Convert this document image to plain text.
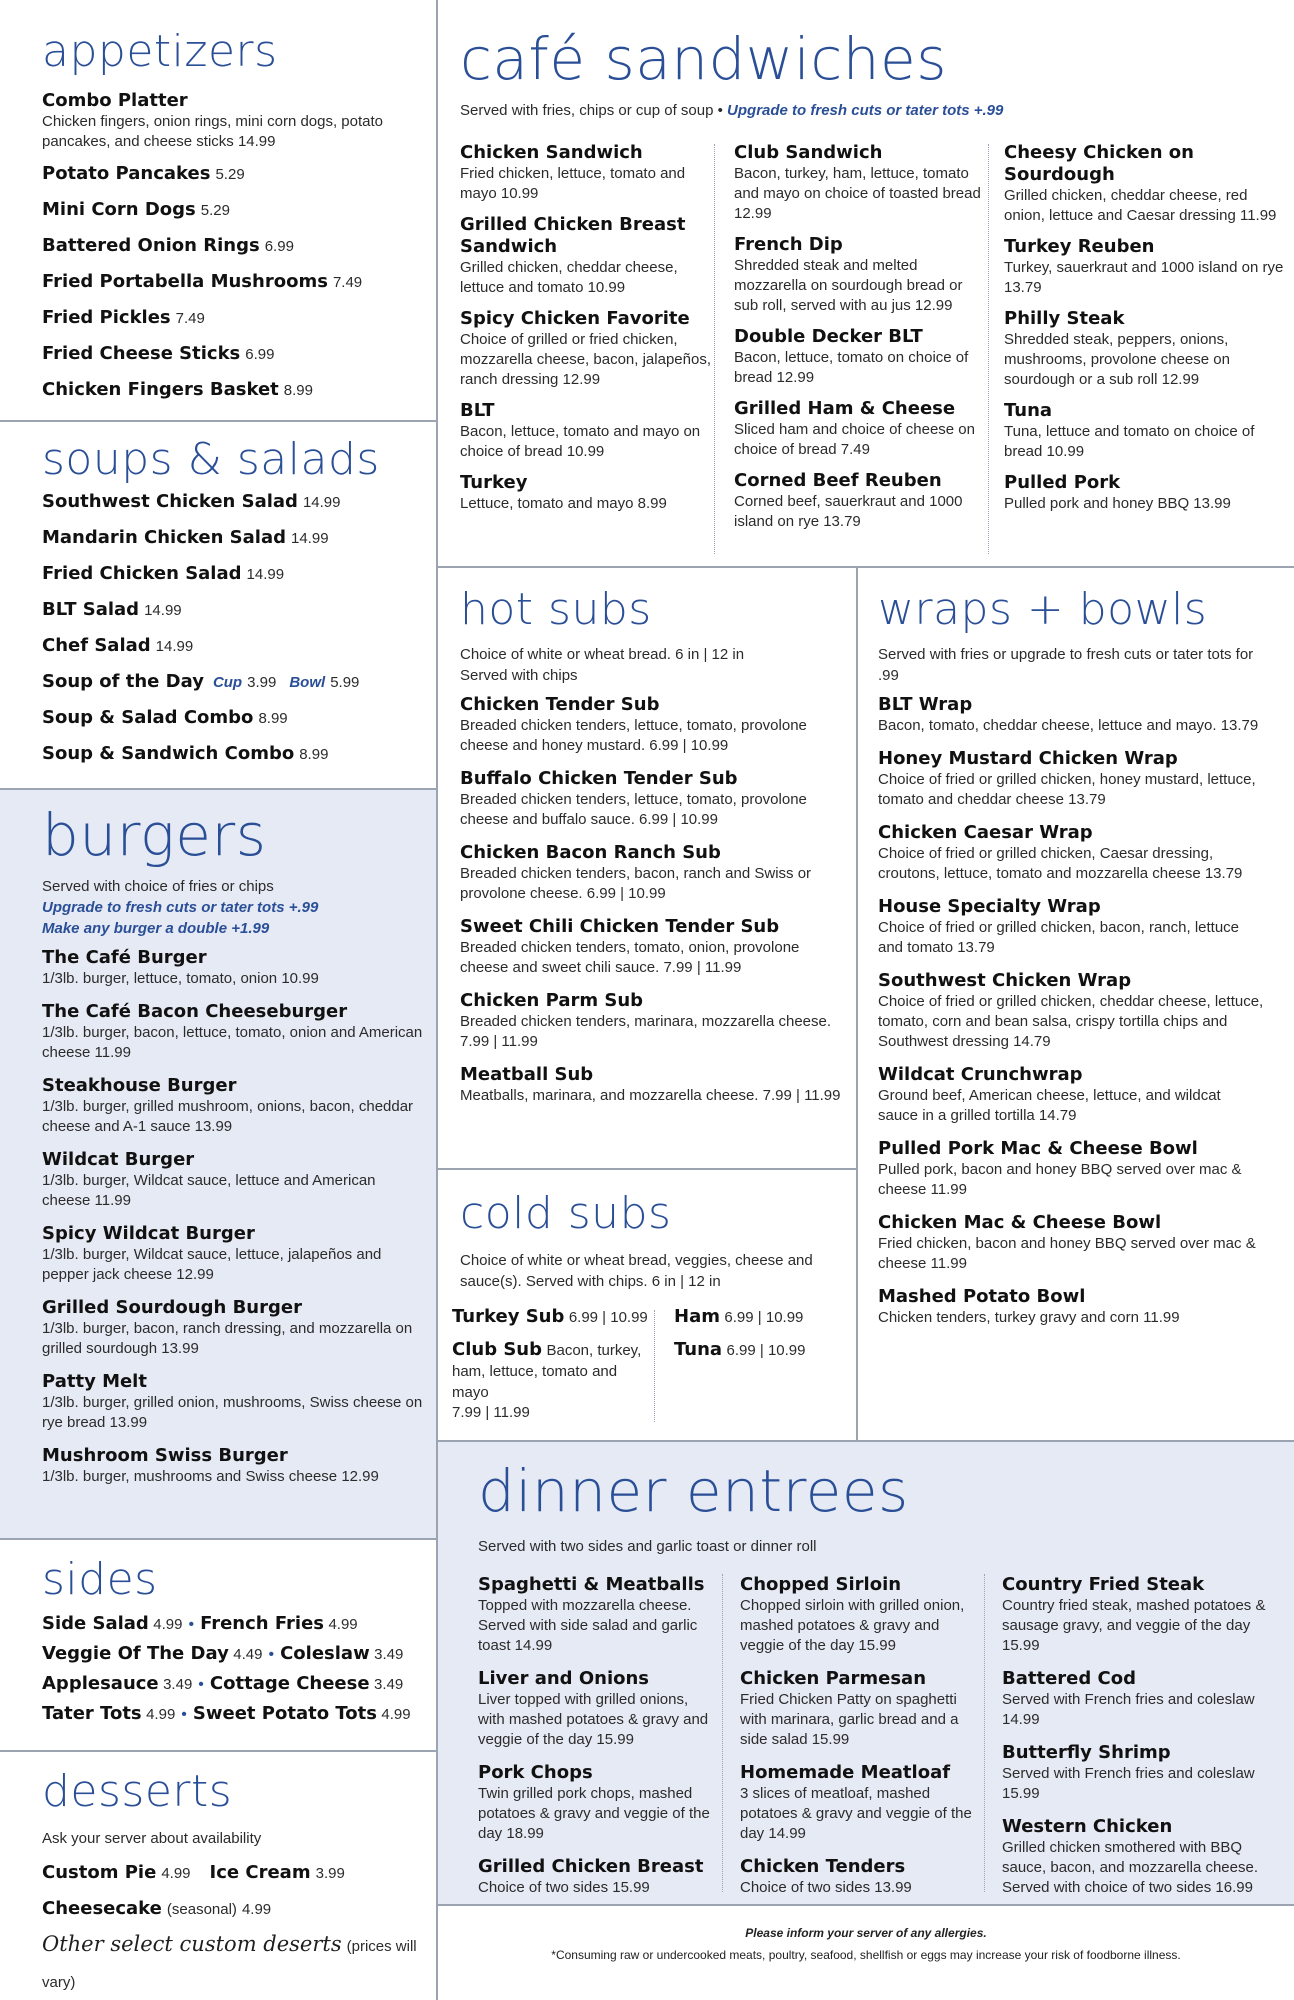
appetizers
Combo Platter
Chicken fingers, onion rings, mini corn dogs, potato pancakes, and cheese sticks 14.99
Potato Pancakes 5.29
Mini Corn Dogs 5.29
Battered Onion Rings 6.99
Fried Portabella Mushrooms 7.49
Fried Pickles 7.49
Fried Cheese Sticks 6.99
Chicken Fingers Basket 8.99
soups & salads
Southwest Chicken Salad 14.99
Mandarin Chicken Salad 14.99
Fried Chicken Salad 14.99
BLT Salad 14.99
Chef Salad 14.99
Soup of the Day Cup 3.99 Bowl 5.99
Soup & Salad Combo 8.99
Soup & Sandwich Combo 8.99
burgers
Served with choice of fries or chips
Upgrade to fresh cuts or tater tots +.99
Make any burger a double +1.99
The Café Burger
1/3lb. burger, lettuce, tomato, onion 10.99
The Café Bacon Cheeseburger
1/3lb. burger, bacon, lettuce, tomato, onion and American cheese 11.99
Steakhouse Burger
1/3lb. burger, grilled mushroom, onions, bacon, cheddar cheese and A-1 sauce 13.99
Wildcat Burger
1/3lb. burger, Wildcat sauce, lettuce and American cheese 11.99
Spicy Wildcat Burger
1/3lb. burger, Wildcat sauce, lettuce, jalapeños and pepper jack cheese 12.99
Grilled Sourdough Burger
1/3lb. burger, bacon, ranch dressing, and mozzarella on grilled sourdough 13.99
Patty Melt
1/3lb. burger, grilled onion, mushrooms, Swiss cheese on rye bread 13.99
Mushroom Swiss Burger
1/3lb. burger, mushrooms and Swiss cheese 12.99
sides
Side Salad 4.99 • French Fries 4.99
Veggie Of The Day 4.49 • Coleslaw 3.49
Applesauce 3.49 • Cottage Cheese 3.49
Tater Tots 4.99 • Sweet Potato Tots 4.99
desserts
Ask your server about availability
Custom Pie 4.99 Ice Cream 3.99
Cheesecake (seasonal) 4.99
Other select custom deserts (prices will vary)
café sandwiches
Served with fries, chips or cup of soup • Upgrade to fresh cuts or tater tots +.99
Chicken Sandwich
Fried chicken, lettuce, tomato and mayo 10.99
Grilled Chicken Breast Sandwich
Grilled chicken, cheddar cheese, lettuce and tomato 10.99
Spicy Chicken Favorite
Choice of grilled or fried chicken, mozzarella cheese, bacon, jalapeños, ranch dressing 12.99
BLT
Bacon, lettuce, tomato and mayo on choice of bread 10.99
Turkey
Lettuce, tomato and mayo 8.99
Club Sandwich
Bacon, turkey, ham, lettuce, tomato and mayo on choice of toasted bread 12.99
French Dip
Shredded steak and melted mozzarella on sourdough bread or sub roll, served with au jus 12.99
Double Decker BLT
Bacon, lettuce, tomato on choice of bread 12.99
Grilled Ham & Cheese
Sliced ham and choice of cheese on choice of bread 7.49
Corned Beef Reuben
Corned beef, sauerkraut and 1000 island on rye 13.79
Cheesy Chicken on Sourdough
Grilled chicken, cheddar cheese, red onion, lettuce and Caesar dressing 11.99
Turkey Reuben
Turkey, sauerkraut and 1000 island on rye 13.79
Philly Steak
Shredded steak, peppers, onions, mushrooms, provolone cheese on sourdough or a sub roll 12.99
Tuna
Tuna, lettuce and tomato on choice of bread 10.99
Pulled Pork
Pulled pork and honey BBQ 13.99
hot subs
Choice of white or wheat bread. 6 in | 12 in Served with chips
Chicken Tender Sub
Breaded chicken tenders, lettuce, tomato, provolone cheese and honey mustard. 6.99 | 10.99
Buffalo Chicken Tender Sub
Breaded chicken tenders, lettuce, tomato, provolone cheese and buffalo sauce. 6.99 | 10.99
Chicken Bacon Ranch Sub
Breaded chicken tenders, bacon, ranch and Swiss or provolone cheese. 6.99 | 10.99
Sweet Chili Chicken Tender Sub
Breaded chicken tenders, tomato, onion, provolone cheese and sweet chili sauce. 7.99 | 11.99
Chicken Parm Sub
Breaded chicken tenders, marinara, mozzarella cheese. 7.99 | 11.99
Meatball Sub
Meatballs, marinara, and mozzarella cheese. 7.99 | 11.99
cold subs
Choice of white or wheat bread, veggies, cheese and sauce(s). Served with chips. 6 in | 12 in
Turkey Sub 6.99 | 10.99
Club Sub Bacon, turkey, ham, lettuce, tomato and mayo
7.99 | 11.99
Ham 6.99 | 10.99
Tuna 6.99 | 10.99
wraps + bowls
Served with fries or upgrade to fresh cuts or tater tots for .99
BLT Wrap
Bacon, tomato, cheddar cheese, lettuce and mayo. 13.79
Honey Mustard Chicken Wrap
Choice of fried or grilled chicken, honey mustard, lettuce, tomato and cheddar cheese 13.79
Chicken Caesar Wrap
Choice of fried or grilled chicken, Caesar dressing, croutons, lettuce, tomato and mozzarella cheese 13.79
House Specialty Wrap
Choice of fried or grilled chicken, bacon, ranch, lettuce and tomato 13.79
Southwest Chicken Wrap
Choice of fried or grilled chicken, cheddar cheese, lettuce, tomato, corn and bean salsa, crispy tortilla chips and Southwest dressing 14.79
Wildcat Crunchwrap
Ground beef, American cheese, lettuce, and wildcat sauce in a grilled tortilla 14.79
Pulled Pork Mac & Cheese Bowl
Pulled pork, bacon and honey BBQ served over mac & cheese 11.99
Chicken Mac & Cheese Bowl
Fried chicken, bacon and honey BBQ served over mac & cheese 11.99
Mashed Potato Bowl
Chicken tenders, turkey gravy and corn 11.99
dinner entrees
Served with two sides and garlic toast or dinner roll
Spaghetti & Meatballs
Topped with mozzarella cheese. Served with side salad and garlic toast 14.99
Liver and Onions
Liver topped with grilled onions, with mashed potatoes & gravy and veggie of the day 15.99
Pork Chops
Twin grilled pork chops, mashed potatoes & gravy and veggie of the day 18.99
Grilled Chicken Breast
Choice of two sides 15.99
Chopped Sirloin
Chopped sirloin with grilled onion, mashed potatoes & gravy and veggie of the day 15.99
Chicken Parmesan
Fried Chicken Patty on spaghetti with marinara, garlic bread and a side salad 15.99
Homemade Meatloaf
3 slices of meatloaf, mashed potatoes & gravy and veggie of the day 14.99
Chicken Tenders
Choice of two sides 13.99
Country Fried Steak
Country fried steak, mashed potatoes & sausage gravy, and veggie of the day 15.99
Battered Cod
Served with French fries and coleslaw 14.99
Butterfly Shrimp
Served with French fries and coleslaw 15.99
Western Chicken
Grilled chicken smothered with BBQ sauce, bacon, and mozzarella cheese. Served with choice of two sides 16.99
Please inform your server of any allergies.
*Consuming raw or undercooked meats, poultry, seafood, shellfish or eggs may increase your risk of foodborne illness.
